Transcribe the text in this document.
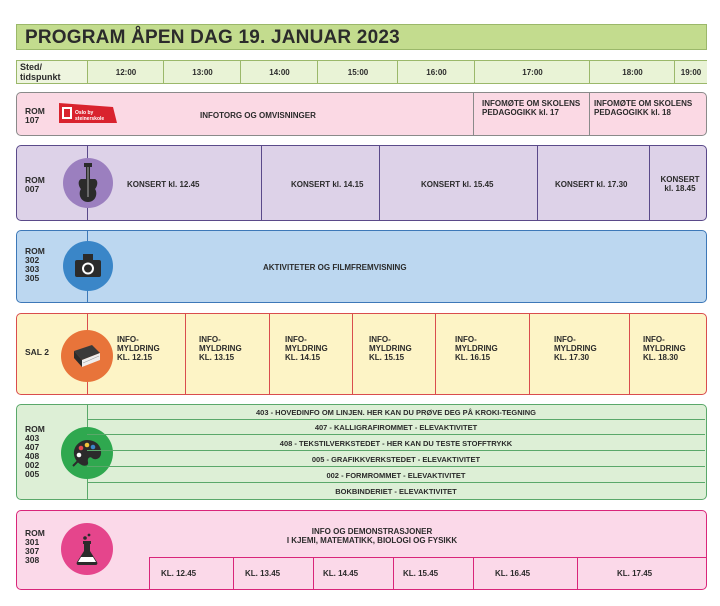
PROGRAM ÅPEN DAG 19. JANUAR 2023
Sted/
tidspunkt	12:00	13:00	14:00	15:00	16:00	17:00	18:00	19:00
ROM 107
Oslo by
steinerskole	INFOTORG OG OMVISNINGER
INFOMØTE OM SKOLENS PEDAGOGIKK kl. 17
INFOMØTE OM SKOLENS PEDAGOGIKK kl. 18
ROM 007	KONSERT kl. 12.45	KONSERT kl. 14.15	KONSERT kl. 15.45	KONSERT kl. 17.30
KONSERT kl. 18.45
ROM 302 303 305
AKTIVITETER OG FILMFREMVISNING
SAL 2
INFO-
MYLDRING
KL. 12.15
INFO-
MYLDRING
KL. 13.15
INFO-
MYLDRING
KL. 14.15
INFO-
MYLDRING
KL. 15.15
INFO-
MYLDRING
KL. 16.15
INFO-
MYLDRING
KL. 17.30
INFO-
MYLDRING
KL. 18.30
ROM 403 407 408 002 005
403 - HOVEDINFO OM LINJEN. HER KAN DU PRØVE DEG PÅ KROKI-TEGNING
407 - KALLIGRAFIROMMET - ELEVAKTIVITET
408 - TEKSTILVERKSTEDET - HER KAN DU TESTE STOFFTRYKK
005 - GRAFIKKVERKSTEDET - ELEVAKTIVITET
002 - FORMROMMET - ELEVAKTIVITET
BOKBINDERIET - ELEVAKTIVITET
ROM 301 307 308
INFO OG DEMONSTRASJONER
I KJEMI, MATEMATIKK, BIOLOGI OG FYSIKK
KL. 12.45	KL. 13.45	KL. 14.45	KL. 15.45	KL. 16.45	KL. 17.45
